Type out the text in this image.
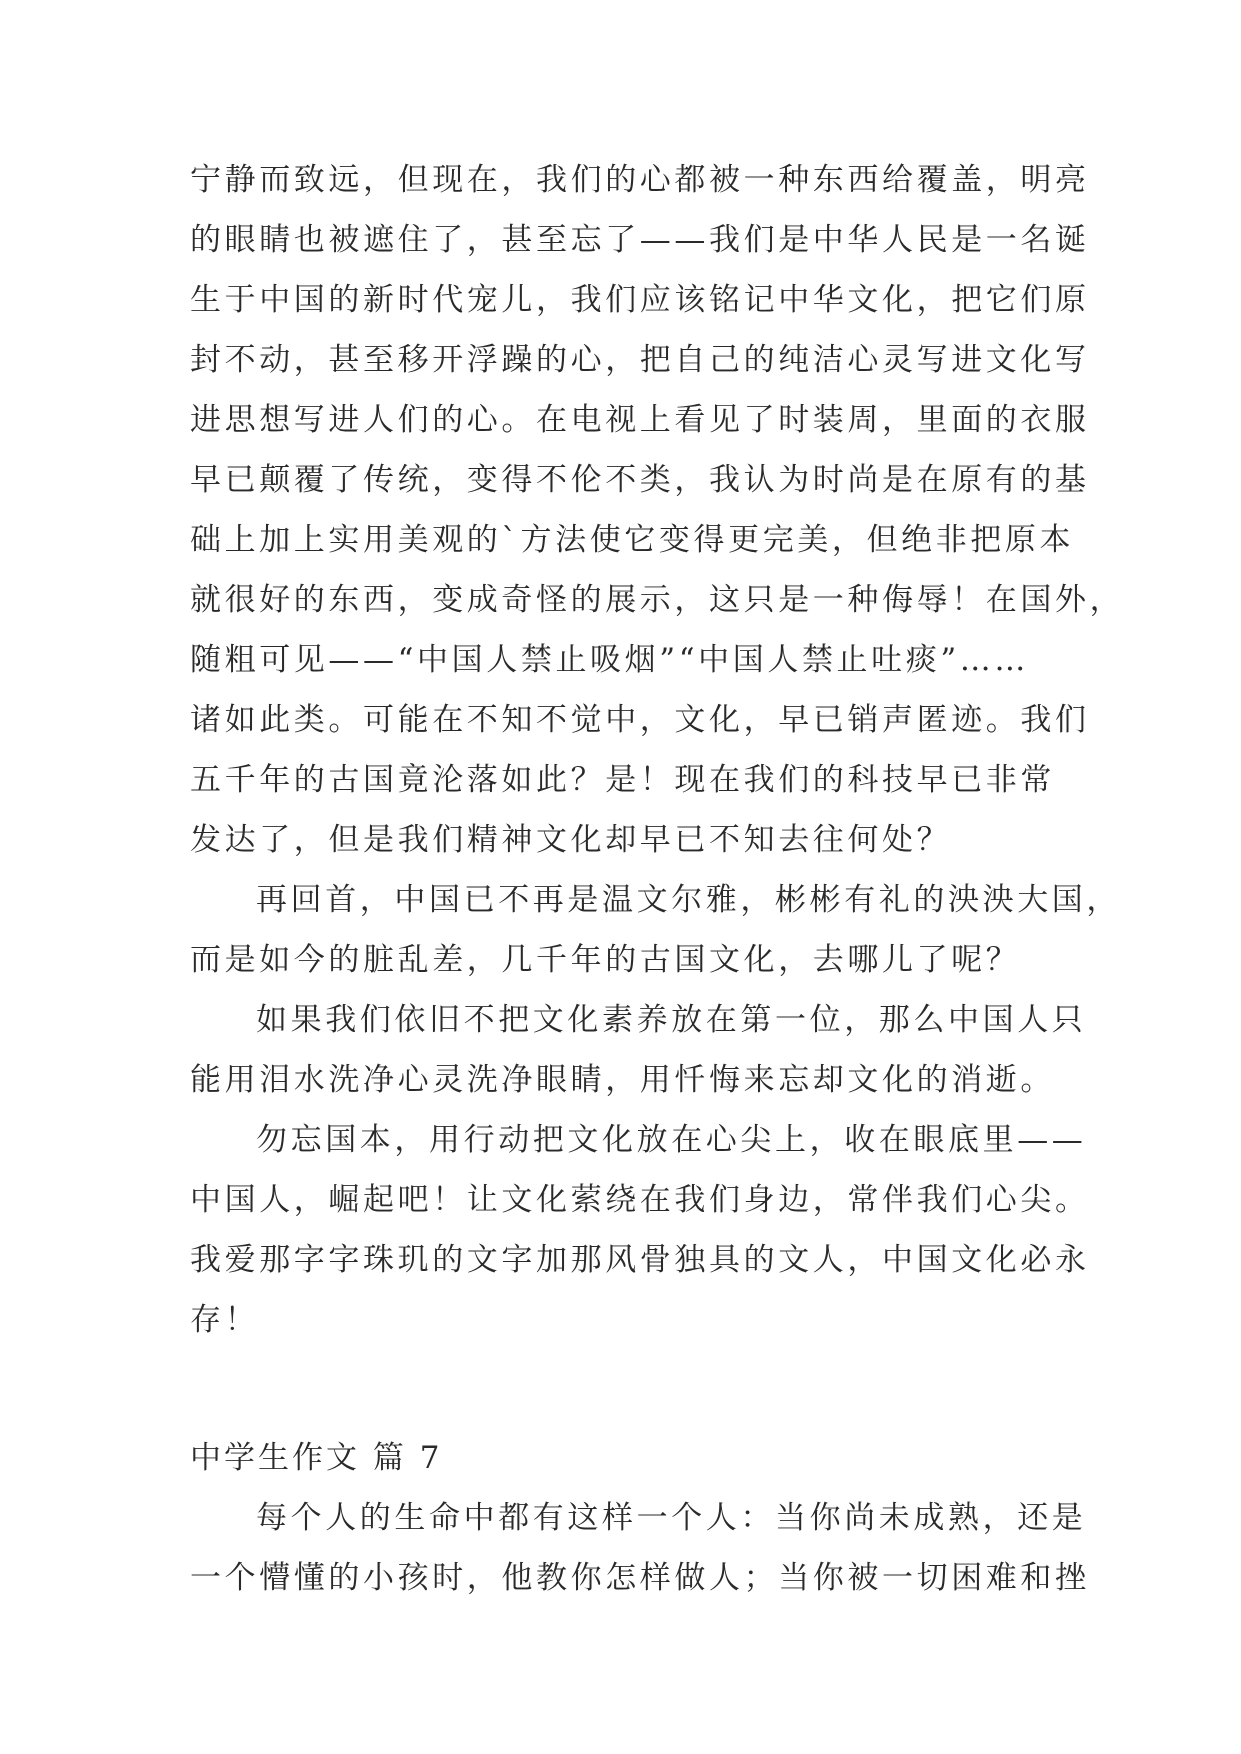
宁静而致远，但现在，我们的心都被一种东西给覆盖，明亮
的眼睛也被遮住了，甚至忘了——我们是中华人民是一名诞
生于中国的新时代宠儿，我们应该铭记中华文化，把它们原
封不动，甚至移开浮躁的心，把自己的纯洁心灵写进文化写
进思想写进人们的心。在电视上看见了时装周，里面的衣服
早已颠覆了传统，变得不伦不类，我认为时尚是在原有的基
础上加上实用美观的`方法使它变得更完美，但绝非把原本
就很好的东西，变成奇怪的展示，这只是一种侮辱！在国外，
随粗可见——“中国人禁止吸烟”“中国人禁止吐痰”……
诸如此类。可能在不知不觉中，文化，早已销声匿迹。我们
五千年的古国竟沦落如此？是！现在我们的科技早已非常
发达了，但是我们精神文化却早已不知去往何处？
再回首，中国已不再是温文尔雅，彬彬有礼的泱泱大国，
而是如今的脏乱差，几千年的古国文化，去哪儿了呢？
如果我们依旧不把文化素养放在第一位，那么中国人只
能用泪水洗净心灵洗净眼睛，用忏悔来忘却文化的消逝。
勿忘国本，用行动把文化放在心尖上，收在眼底里——
中国人，崛起吧！让文化萦绕在我们身边，常伴我们心尖。
我爱那字字珠玑的文字加那风骨独具的文人，中国文化必永
存！
中学生作文 篇 7
每个人的生命中都有这样一个人：当你尚未成熟，还是
一个懵懂的小孩时，他教你怎样做人；当你被一切困难和挫
